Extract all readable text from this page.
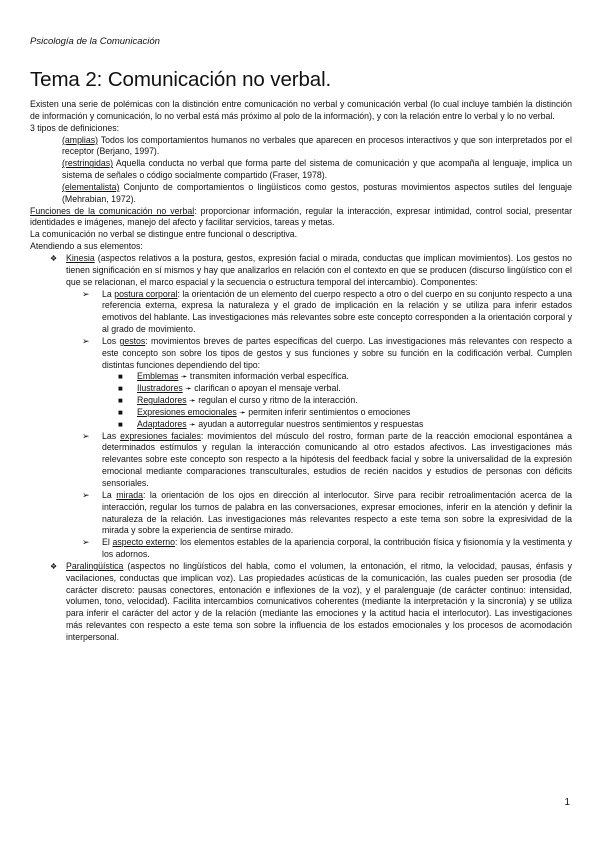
Psicología de la Comunicación
Tema 2: Comunicación no verbal.

Existen una serie de polémicas con la distinción entre comunicación no verbal y comunicación verbal (lo cual incluye también la distinción de información y comunicación, lo no verbal está más próximo al polo de la información), y con la relación entre lo verbal y lo no verbal.

3 tipos de definiciones:

(amplias) Todos los comportamientos humanos no verbales que aparecen en procesos interactivos y que son interpretados por el receptor (Berjano, 1997).

(restringidas) Aquella conducta no verbal que forma parte del sistema de comunicación y que acompaña al lenguaje, implica un sistema de señales o código socialmente compartido (Fraser, 1978).

(elementalista) Conjunto de comportamientos o lingüísticos como gestos, posturas movimientos aspectos sutiles del lenguaje (Mehrabian, 1972).

Funciones de la comunicación no verbal: proporcionar información, regular la interacción, expresar intimidad, control social, presentar identidades e imágenes, manejo del afecto y facilitar servicios, tareas y metas.

La comunicación no verbal se distingue entre funcional o descriptiva.

Atendiendo a sus elementos:

❖ Kinesia (aspectos relativos a la postura, gestos, expresión facial o mirada, conductas que implican movimientos). Los gestos no tienen significación en sí mismos y hay que analizarlos en relación con el contexto en que se producen (discurso lingüístico con el que se relacionan, el marco espacial y la secuencia o estructura temporal del intercambio). Componentes:

➢ La postura corporal: la orientación de un elemento del cuerpo respecto a otro o del cuerpo en su conjunto respecto a una referencia externa, expresa la naturaleza y el grado de implicación en la relación y se utiliza para inferir estados emotivos del hablante. Las investigaciones más relevantes sobre este concepto corresponden a la orientación corporal y al grado de movimiento.

➢ Los gestos: movimientos breves de partes específicas del cuerpo. Las investigaciones más relevantes con respecto a este concepto son sobre los tipos de gestos y sus funciones y sobre su función en la codificación verbal. Cumplen distintas funciones dependiendo del tipo:

■ Emblemas ➛ transmiten información verbal específica.

■ Ilustradores ➛ clarifican o apoyan el mensaje verbal.

■ Reguladores ➛ regulan el curso y ritmo de la interacción.

■ Expresiones emocionales ➛ permiten inferir sentimientos o emociones

■ Adaptadores ➛ ayudan a autorregular nuestros sentimientos y respuestas

➢ Las expresiones faciales: movimientos del músculo del rostro, forman parte de la reacción emocional espontánea a determinados estímulos y regulan la interacción comunicando al otro estados afectivos. Las investigaciones más relevantes sobre este concepto son respecto a la hipótesis del feedback facial y sobre la universalidad de la expresión emocional mediante comparaciones transculturales, estudios de recién nacidos y estudios de personas con déficits sensoriales.

➢ La mirada: la orientación de los ojos en dirección al interlocutor. Sirve para recibir retroalimentación acerca de la interacción, regular los turnos de palabra en las conversaciones, expresar emociones, inferir en la atención y definir la naturaleza de la relación. Las investigaciones más relevantes respecto a este tema son sobre la expresividad de la mirada y sobre la experiencia de sentirse mirado.

➢ El aspecto externo: los elementos estables de la apariencia corporal, la contribución física y fisionomía y la vestimenta y los adornos.

❖ Paralingüística (aspectos no lingüísticos del habla, como el volumen, la entonación, el ritmo, la velocidad, pausas, énfasis y vacilaciones, conductas que implican voz). Las propiedades acústicas de la comunicación, las cuales pueden ser prosodia (de carácter discreto: pausas conectores, entonación e inflexiones de la voz), y el paralenguaje (de carácter continuo: intensidad, volumen, tono, velocidad). Facilita intercambios comunicativos coherentes (mediante la interpretación y la sincronía) y se utiliza para inferir el carácter del actor y de la relación (mediante las emociones y la actitud hacia el interlocutor). Las investigaciones más relevantes con respecto a este tema son sobre la influencia de los estados emocionales y los procesos de acomodación interpersonal.

1
